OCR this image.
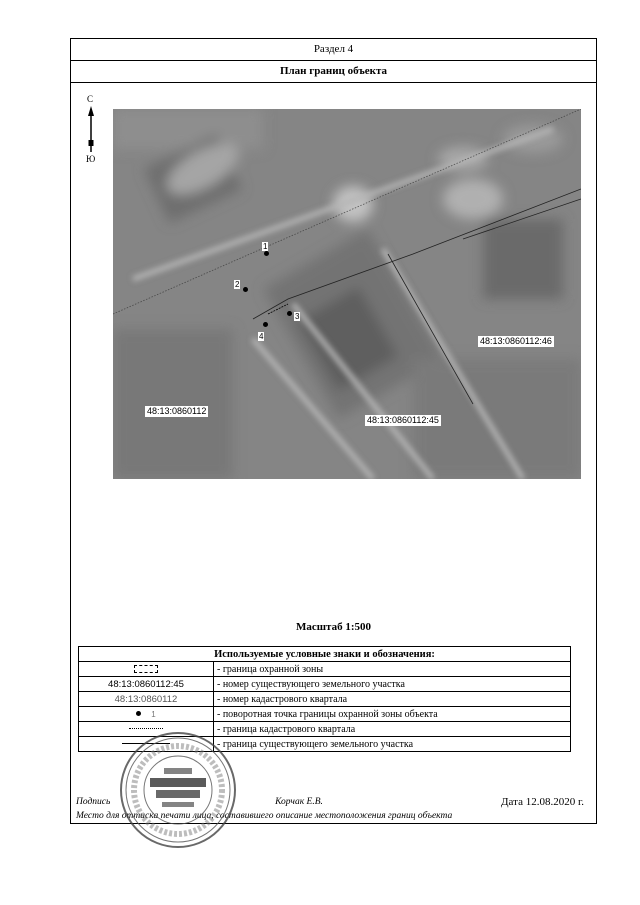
Раздел 4
План границ объекта
С
Ю
48:13:0860112:46
48:13:0860112:45
48:13:0860112
1
2
3
4
Масштаб 1:500
Используемые условные знаки и обозначения:	
	- граница охранной зоны
48:13:0860112:45	- номер существующего земельного участка
48:13:0860112	- номер кадастрового квартала
1	- поворотная точка границы охранной зоны объекта
	- граница кадастрового квартала
	- граница существующего земельного участка
Подпись	Корчак Е.В.	Дата 12.08.2020 г.
Место для оттиска печати лица, составившего описание местоположения границ объекта
